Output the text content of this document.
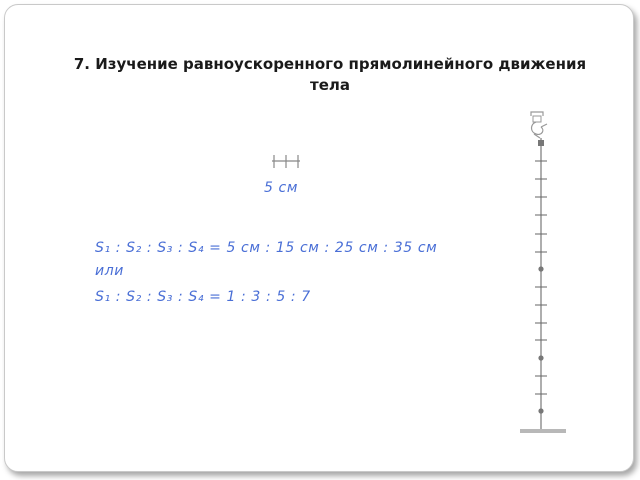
7. Изучение равноускоренного прямолинейного движения тела

5 см

S₁ : S₂ : S₃ : S₄ = 5 см : 15 см : 25 см : 35 см

или

S₁ : S₂ : S₃ : S₄ = 1 : 3 : 5 : 7
